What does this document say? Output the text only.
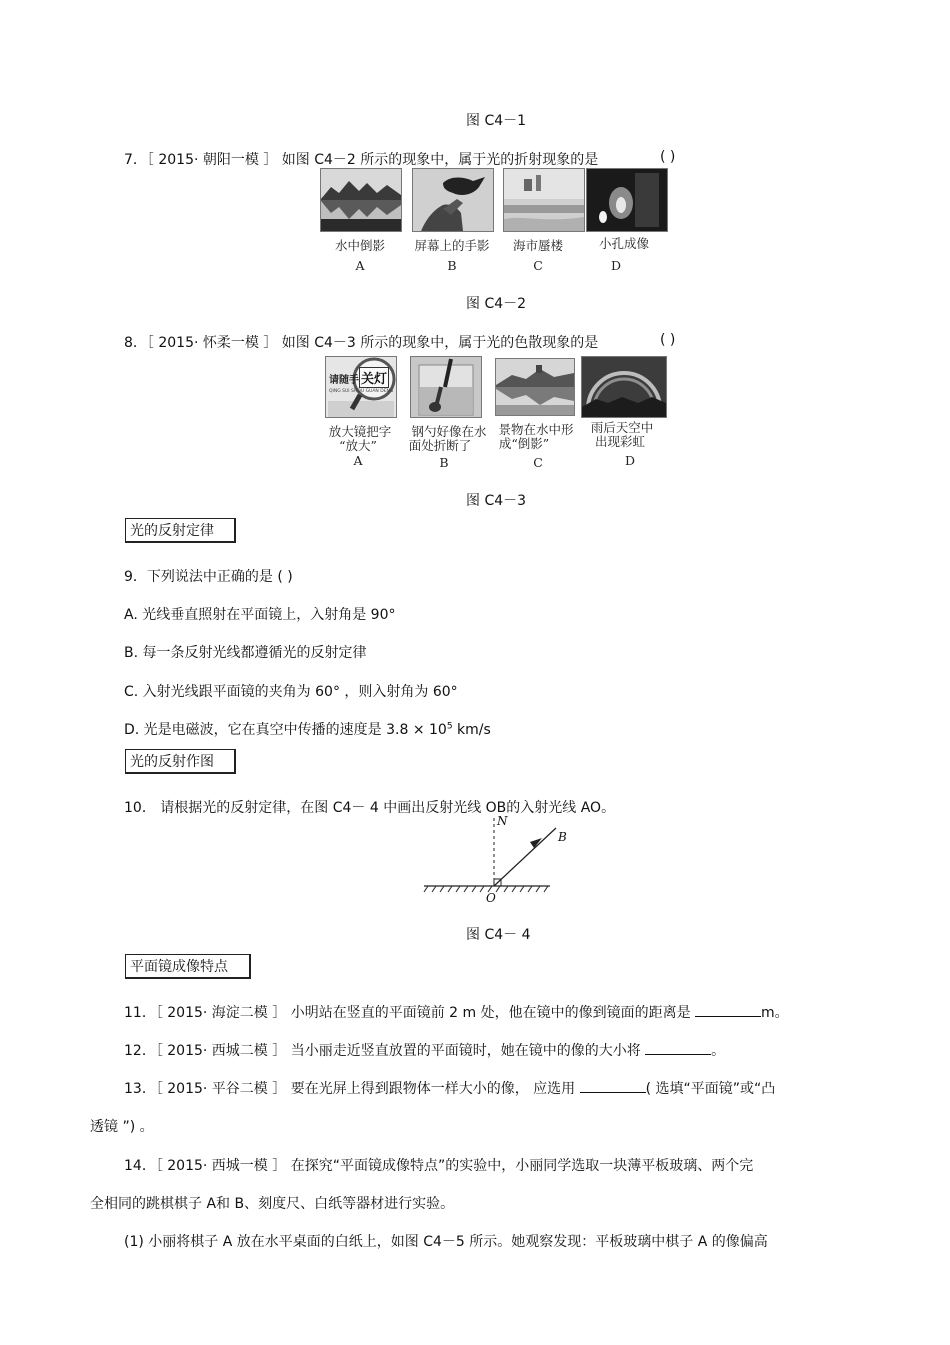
图 C4－1
7．［ 2015· 朝阳一模 ］ 如图 C4－2 所示的现象中，属于光的折射现象的是	( )
水中倒影
A
屏幕上的手影
B
海市蜃楼
C
小孔成像
D
图 C4－2
8．［ 2015· 怀柔一模 ］ 如图 C4－3 所示的现象中，属于光的色散现象的是	( )
请随手 关灯
QING SUI SHOU GUAN DENG
放大镜把字
“放大”
A
钢勺好像在水
面处折断了
B
景物在水中形
成“倒影”
C
雨后天空中
出现彩虹
D
图 C4－3
光的反射定律
9．下列说法中正确的是 ( )
A. 光线垂直照射在平面镜上，入射角是 90°
B. 每一条反射光线都遵循光的反射定律
C. 入射光线跟平面镜的夹角为 60° ，则入射角为 60°
D. 光是电磁波，它在真空中传播的速度是 $3.8 \times 10^5$ km/s
光的反射作图
10． 请根据光的反射定律，在图 C4－ 4 中画出反射光线 OB的入射光线 AO。
N
B
O
图 C4－ 4
平面镜成像特点
11．［ 2015· 海淀二模 ］ 小明站在竖直的平面镜前 2 m 处，他在镜中的像到镜面的距离是	m。
12．［ 2015· 西城二模 ］ 当小丽走近竖直放置的平面镜时，她在镜中的像的大小将	。
13．［ 2015· 平谷二模 ］ 要在光屏上得到跟物体一样大小的像， 应选用	( 选填“平面镜”或“凸
透镜 ”) 。
14．［ 2015· 西城一模 ］ 在探究“平面镜成像特点”的实验中，小丽同学选取一块薄平板玻璃、两个完
全相同的跳棋棋子 A和 B、刻度尺、白纸等器材进行实验。
(1) 小丽将棋子 A 放在水平桌面的白纸上，如图 C4－5 所示。她观察发现：平板玻璃中棋子 A 的像偏高
